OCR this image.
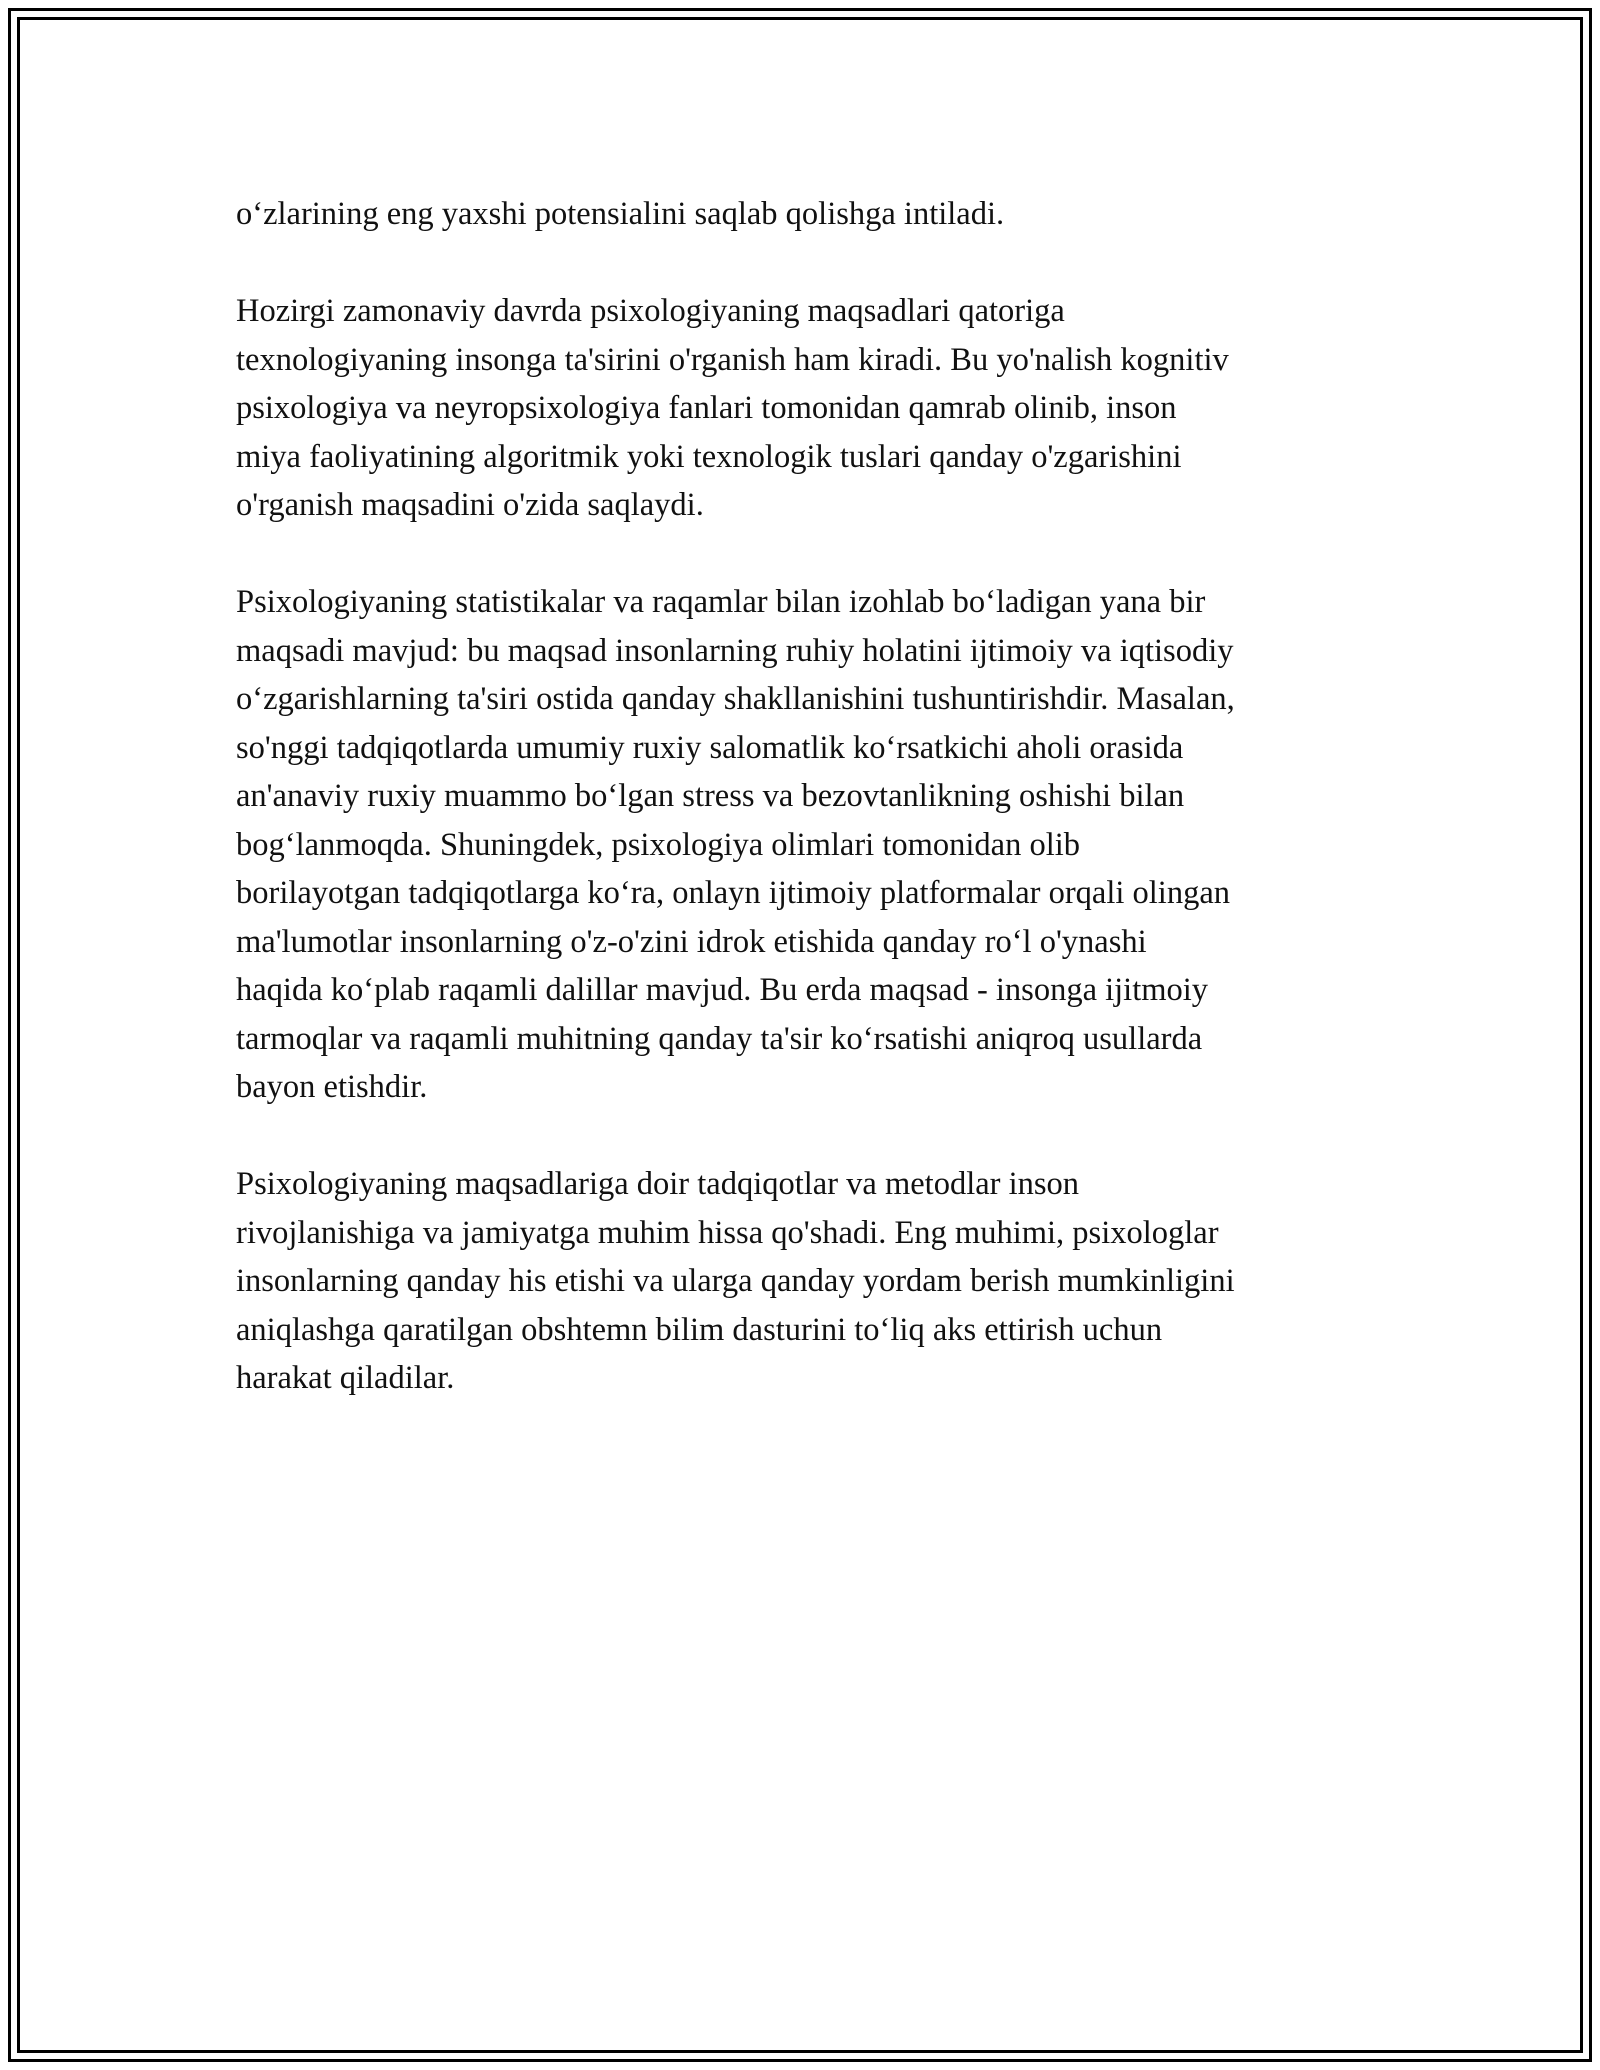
o‘zlarining eng yaxshi potensialini saqlab qolishga intiladi.

Hozirgi zamonaviy davrda psixologiyaning maqsadlari qatoriga
texnologiyaning insonga ta'sirini o'rganish ham kiradi. Bu yo'nalish kognitiv
psixologiya va neyropsixologiya fanlari tomonidan qamrab olinib, inson
miya faoliyatining algoritmik yoki texnologik tuslari qanday o'zgarishini
o'rganish maqsadini o'zida saqlaydi.

Psixologiyaning statistikalar va raqamlar bilan izohlab bo‘ladigan yana bir
maqsadi mavjud: bu maqsad insonlarning ruhiy holatini ijtimoiy va iqtisodiy
o‘zgarishlarning ta'siri ostida qanday shakllanishini tushuntirishdir. Masalan,
so'nggi tadqiqotlarda umumiy ruxiy salomatlik ko‘rsatkichi aholi orasida
an'anaviy ruxiy muammo bo‘lgan stress va bezovtanlikning oshishi bilan
bog‘lanmoqda. Shuningdek, psixologiya olimlari tomonidan olib
borilayotgan tadqiqotlarga ko‘ra, onlayn ijtimoiy platformalar orqali olingan
ma'lumotlar insonlarning o'z-o'zini idrok etishida qanday ro‘l o'ynashi
haqida ko‘plab raqamli dalillar mavjud. Bu erda maqsad - insonga ijitmoiy
tarmoqlar va raqamli muhitning qanday ta'sir ko‘rsatishi aniqroq usullarda
bayon etishdir.

Psixologiyaning maqsadlariga doir tadqiqotlar va metodlar inson
rivojlanishiga va jamiyatga muhim hissa qo'shadi. Eng muhimi, psixologlar
insonlarning qanday his etishi va ularga qanday yordam berish mumkinligini
aniqlashga qaratilgan obshtemn bilim dasturini to‘liq aks ettirish uchun
harakat qiladilar.
